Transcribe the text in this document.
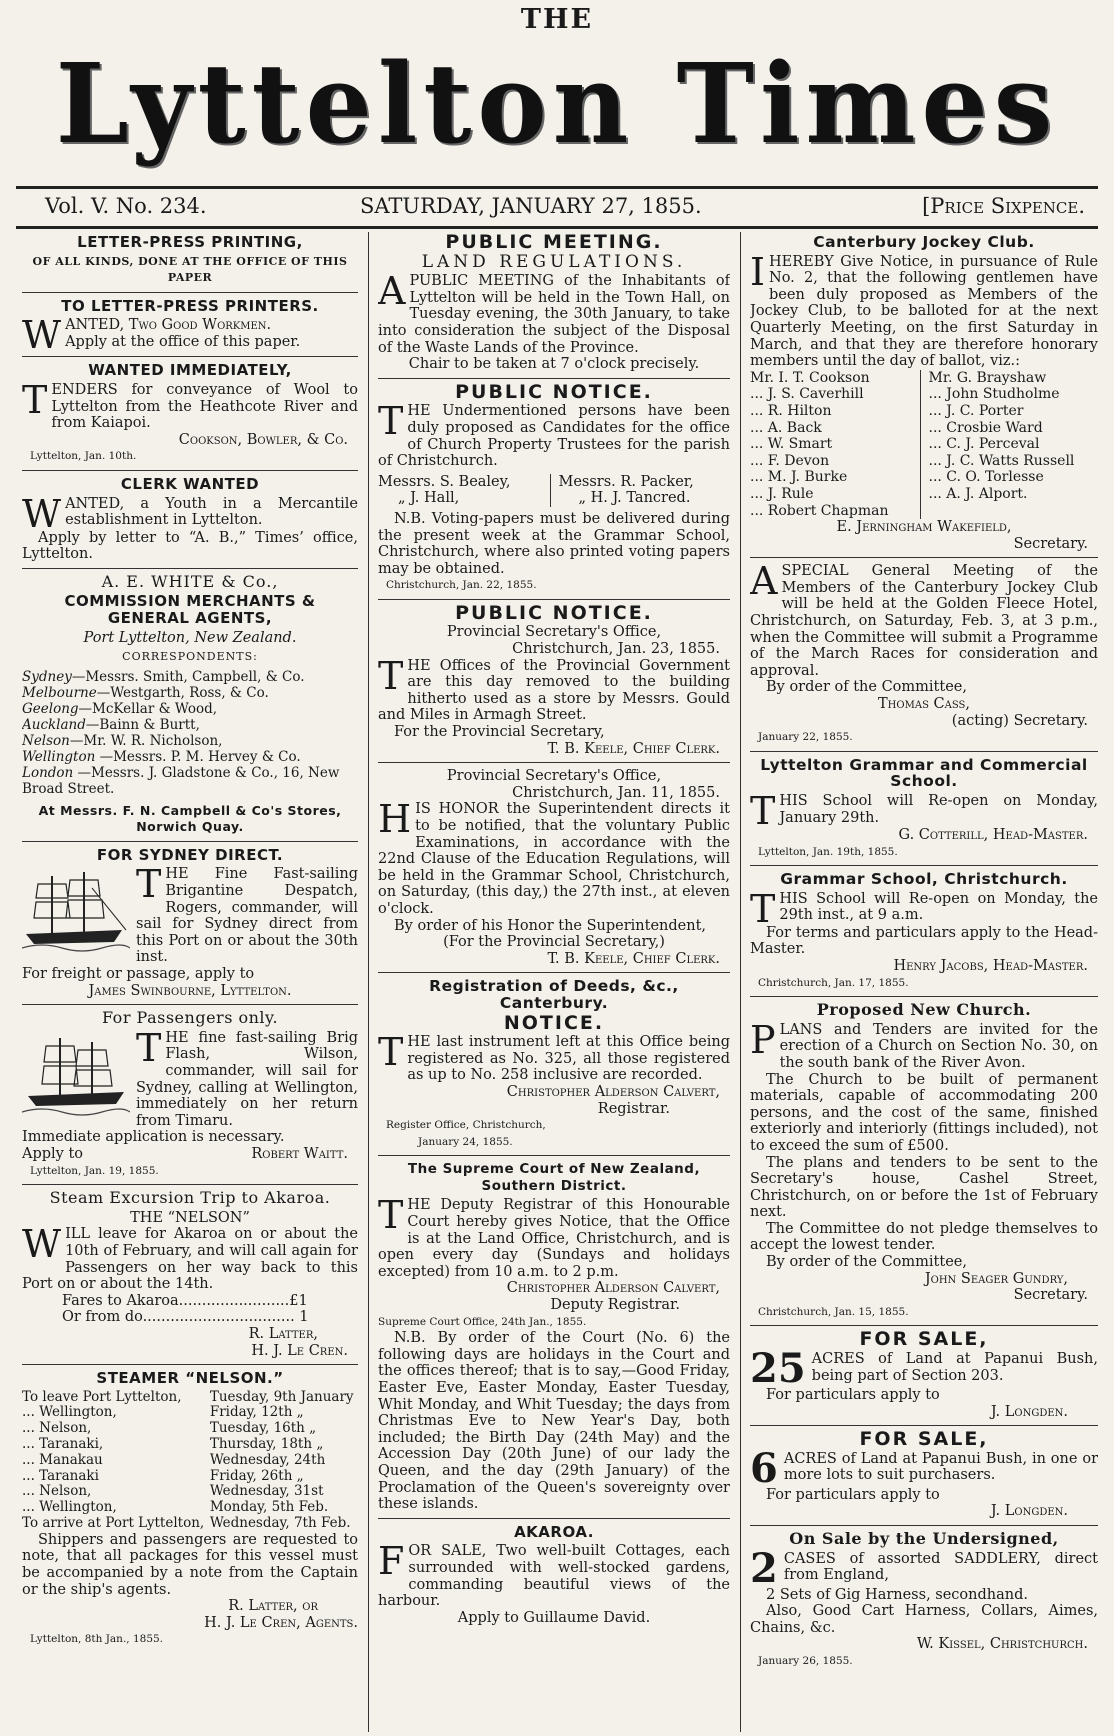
THE
Lyttelton Times
Vol. V. No. 234.	SATURDAY, JANUARY 27, 1855.	[Price Sixpence.
LETTER-PRESS PRINTING,
OF ALL KINDS, DONE AT THE OFFICE OF THIS PAPER
TO LETTER-PRESS PRINTERS.

WANTED, Two Good Workmen.
Apply at the office of this paper.

WANTED IMMEDIATELY,

TENDERS for conveyance of Wool to Lyttelton from the Heathcote River and from Kaiapoi.

Cookson, Bowler, & Co.
Lyttelton, Jan. 10th.
CLERK WANTED

WANTED, a Youth in a Mercantile establishment in Lyttelton.

Apply by letter to “A. B.,” Times’ office, Lyttelton.

A. E. WHITE & Co.,
COMMISSION MERCHANTS & GENERAL AGENTS,
Port Lyttelton, New Zealand.
CORRESPONDENTS:
Sydney—Messrs. Smith, Campbell, & Co.
Melbourne—Westgarth, Ross, & Co.
Geelong—McKellar & Wood,
Auckland—Bainn & Burtt,
Nelson—Mr. W. R. Nicholson,
Wellington —Messrs. P. M. Hervey & Co.
London —Messrs. J. Gladstone & Co., 16, New Broad Street.
At Messrs. F. N. Campbell & Co's Stores, Norwich Quay.
FOR SYDNEY DIRECT.

THE Fine Fast-sailing Brigantine Despatch, Rogers, commander, will sail for Sydney direct from this Port on or about the 30th inst.

For freight or passage, apply to

James Swinbourne, Lyttelton.
For Passengers only.

THE fine fast-sailing Brig Flash, Wilson, commander, will sail for Sydney, calling at Wellington, immediately on her return from Timaru.

Immediate application is necessary.

Apply to	Robert Waitt.
Lyttelton, Jan. 19, 1855.
Steam Excursion Trip to Akaroa.
THE “NELSON”

WILL leave for Akaroa on or about the 10th of February, and will call again for Passengers on her way back to this Port on or about the 14th.

Fares to Akaroa........................£1
Or from do................................. 1
R. Latter,
H. J. Le Cren.
STEAMER “NELSON.”
To leave Port Lyttelton,	Tuesday, 9th January
... Wellington,	Friday, 12th „
... Nelson,	Tuesday, 16th „
... Taranaki,	Thursday, 18th „
... Manakau	Wednesday, 24th
... Taranaki	Friday, 26th „
... Nelson,	Wednesday, 31st
... Wellington,	Monday, 5th Feb.
To arrive at Port Lyttelton,	Wednesday, 7th Feb.

Shippers and passengers are requested to note, that all packages for this vessel must be accompanied by a note from the Captain or the ship's agents.

R. Latter, or
H. J. Le Cren, Agents.
Lyttelton, 8th Jan., 1855.
PUBLIC MEETING.
LAND REGULATIONS.

APUBLIC MEETING of the Inhabitants of Lyttelton will be held in the Town Hall, on Tuesday evening, the 30th January, to take into consideration the subject of the Disposal of the Waste Lands of the Province.

Chair to be taken at 7 o'clock precisely.

PUBLIC NOTICE.

THE Undermentioned persons have been duly proposed as Candidates for the office of Church Property Trustees for the parish of Christchurch.

Messrs. S. Bealey,
„ J. Hall,
Messrs. R. Packer,
„ H. J. Tancred.

N.B. Voting-papers must be delivered during the present week at the Grammar School, Christchurch, where also printed voting papers may be obtained.

Christchurch, Jan. 22, 1855.
PUBLIC NOTICE.
Provincial Secretary's Office,
Christchurch, Jan. 23, 1855.

THE Offices of the Provincial Government are this day removed to the building hitherto used as a store by Messrs. Gould and Miles in Armagh Street.

For the Provincial Secretary,

T. B. Keele, Chief Clerk.
Provincial Secretary's Office,
Christchurch, Jan. 11, 1855.

HIS HONOR the Superintendent directs it to be notified, that the voluntary Public Examinations, in accordance with the 22nd Clause of the Education Regulations, will be held in the Grammar School, Christchurch, on Saturday, (this day,) the 27th inst., at eleven o'clock.

By order of his Honor the Superintendent,

(For the Provincial Secretary,)

T. B. Keele, Chief Clerk.
Registration of Deeds, &c., Canterbury.
NOTICE.

THE last instrument left at this Office being registered as No. 325, all those registered as up to No. 258 inclusive are recorded.

Christopher Alderson Calvert,
Registrar.
Register Office, Christchurch,
January 24, 1855.
The Supreme Court of New Zealand, Southern District.

THE Deputy Registrar of this Honourable Court hereby gives Notice, that the Office is at the Land Office, Christchurch, and is open every day (Sundays and holidays excepted) from 10 a.m. to 2 p.m.

Christopher Alderson Calvert,
Deputy Registrar.
Supreme Court Office, 24th Jan., 1855.

N.B. By order of the Court (No. 6) the following days are holidays in the Court and the offices thereof; that is to say,—Good Friday, Easter Eve, Easter Monday, Easter Tuesday, Whit Monday, and Whit Tuesday; the days from Christmas Eve to New Year's Day, both included; the Birth Day (24th May) and the Accession Day (20th June) of our lady the Queen, and the day (29th January) of the Proclamation of the Queen's sovereignty over these islands.

AKAROA.

FOR SALE, Two well-built Cottages, each surrounded with well-stocked gardens, commanding beautiful views of the harbour.

Apply to Guillaume David.

Canterbury Jockey Club.

IHEREBY Give Notice, in pursuance of Rule No. 2, that the following gentlemen have been duly proposed as Members of the Jockey Club, to be balloted for at the next Quarterly Meeting, on the first Saturday in March, and that they are therefore honorary members until the day of ballot, viz.:

Mr. I. T. Cookson
... J. S. Caverhill
... R. Hilton
... A. Back
... W. Smart
... F. Devon
... M. J. Burke
... J. Rule
... Robert Chapman
Mr. G. Brayshaw
... John Studholme
... J. C. Porter
... Crosbie Ward
... C. J. Perceval
... J. C. Watts Russell
... C. O. Torlesse
... A. J. Alport.
E. Jerningham Wakefield,
Secretary.

ASPECIAL General Meeting of the Members of the Canterbury Jockey Club will be held at the Golden Fleece Hotel, Christchurch, on Saturday, Feb. 3, at 3 p.m., when the Committee will submit a Programme of the March Races for consideration and approval.

By order of the Committee,

Thomas Cass,
(acting) Secretary.
January 22, 1855.
Lyttelton Grammar and Commercial School.

THIS School will Re-open on Monday, January 29th.

G. Cotterill, Head-Master.
Lyttelton, Jan. 19th, 1855.
Grammar School, Christchurch.

THIS School will Re-open on Monday, the 29th inst., at 9 a.m.

For terms and particulars apply to the Head-Master.

Henry Jacobs, Head-Master.
Christchurch, Jan. 17, 1855.
Proposed New Church.

PLANS and Tenders are invited for the erection of a Church on Section No. 30, on the south bank of the River Avon.

The Church to be built of permanent materials, capable of accommodating 200 persons, and the cost of the same, finished exteriorly and interiorly (fittings included), not to exceed the sum of £500.

The plans and tenders to be sent to the Secretary's house, Cashel Street, Christchurch, on or before the 1st of February next.

The Committee do not pledge themselves to accept the lowest tender.

By order of the Committee,

John Seager Gundry,
Secretary.
Christchurch, Jan. 15, 1855.
FOR SALE,

25 ACRES of Land at Papanui Bush, being part of Section 203.

For particulars apply to

J. Longden.
FOR SALE,

6 ACRES of Land at Papanui Bush, in one or more lots to suit purchasers.

For particulars apply to

J. Longden.
On Sale by the Undersigned,

2 CASES of assorted SADDLERY, direct from England,

2 Sets of Gig Harness, secondhand.

Also, Good Cart Harness, Collars, Aimes, Chains, &c.

W. Kissel, Christchurch.
January 26, 1855.
